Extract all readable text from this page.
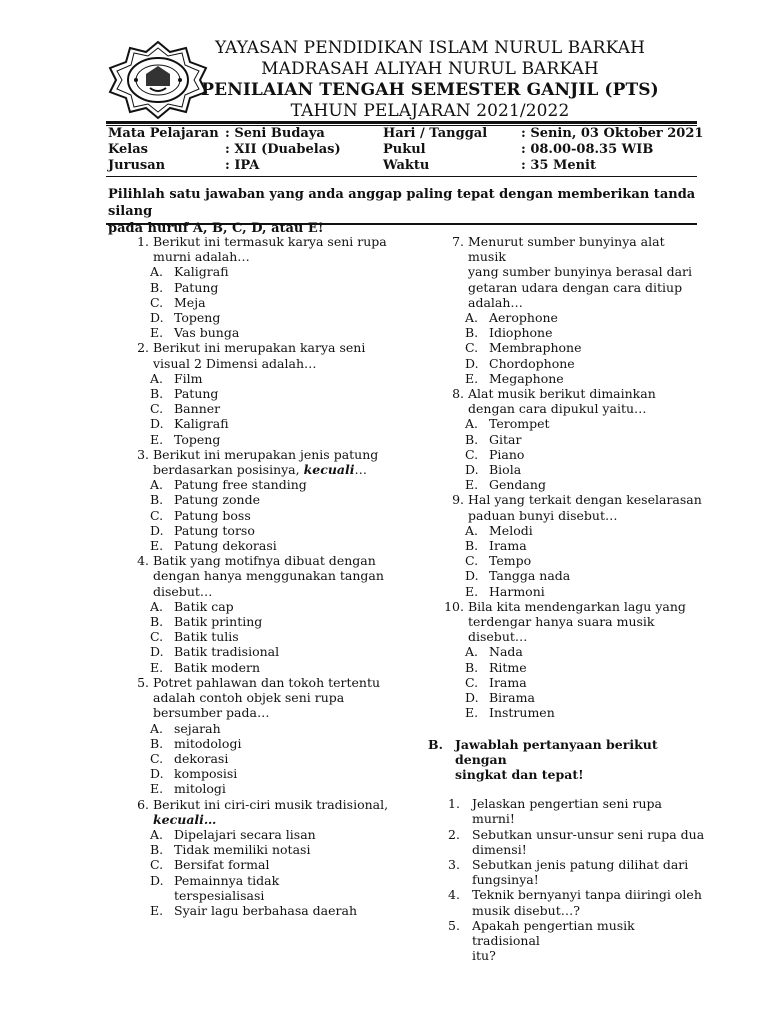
YAYASAN PENDIDIKAN ISLAM NURUL BARKAH
MADRASAH ALIYAH NURUL BARKAH
PENILAIAN TENGAH SEMESTER GANJIL (PTS)
TAHUN PELAJARAN 2021/2022
Mata Pelajaran : Seni Budaya	Hari / Tanggal	: Senin, 03 Oktober 2021
Kelas	: XII (Duabelas)	Pukul	: 08.00-08.35 WIB
Jurusan	: IPA	Waktu	: 35 Menit
Pilihlah satu jawaban yang anda anggap paling tepat dengan memberikan tanda silang
pada huruf A, B, C, D, atau E!
1. Berikut ini termasuk karya seni rupa
murni adalah…
A. Kaligrafi
B. Patung
C. Meja
D. Topeng
E. Vas bunga
2. Berikut ini merupakan karya seni
visual 2 Dimensi adalah…
A. Film
B. Patung
C. Banner
D. Kaligrafi
E. Topeng
3. Berikut ini merupakan jenis patung
berdasarkan posisinya, kecuali…
A. Patung free standing
B. Patung zonde
C. Patung boss
D. Patung torso
E. Patung dekorasi
4. Batik yang motifnya dibuat dengan
dengan hanya menggunakan tangan
disebut…
A. Batik cap
B. Batik printing
C. Batik tulis
D. Batik tradisional
E. Batik modern
5. Potret pahlawan dan tokoh tertentu
adalah contoh objek seni rupa
bersumber pada…
A. sejarah
B. mitodologi
C. dekorasi
D. komposisi
E. mitologi
6. Berikut ini ciri-ciri musik tradisional,
kecuali…
A. Dipelajari secara lisan
B. Tidak memiliki notasi
C. Bersifat formal
D. Pemainnya tidak
terspesialisasi
E. Syair lagu berbahasa daerah
7. Menurut sumber bunyinya alat musik
yang sumber bunyinya berasal dari
getaran udara dengan cara ditiup
adalah…
A. Aerophone
B. Idiophone
C. Membraphone
D. Chordophone
E. Megaphone
8. Alat musik berikut dimainkan
dengan cara dipukul yaitu…
A. Terompet
B. Gitar
C. Piano
D. Biola
E. Gendang
9. Hal yang terkait dengan keselarasan
paduan bunyi disebut…
A. Melodi
B. Irama
C. Tempo
D. Tangga nada
E. Harmoni
10. Bila kita mendengarkan lagu yang
terdengar hanya suara musik
disebut…
A. Nada
B. Ritme
C. Irama
D. Birama
E. Instrumen
B. Jawablah pertanyaan berikut dengan
singkat dan tepat!
1. Jelaskan pengertian seni rupa murni!
2. Sebutkan unsur-unsur seni rupa dua
dimensi!
3. Sebutkan jenis patung dilihat dari
fungsinya!
4. Teknik bernyanyi tanpa diiringi oleh
musik disebut…?
5. Apakah pengertian musik tradisional
itu?
